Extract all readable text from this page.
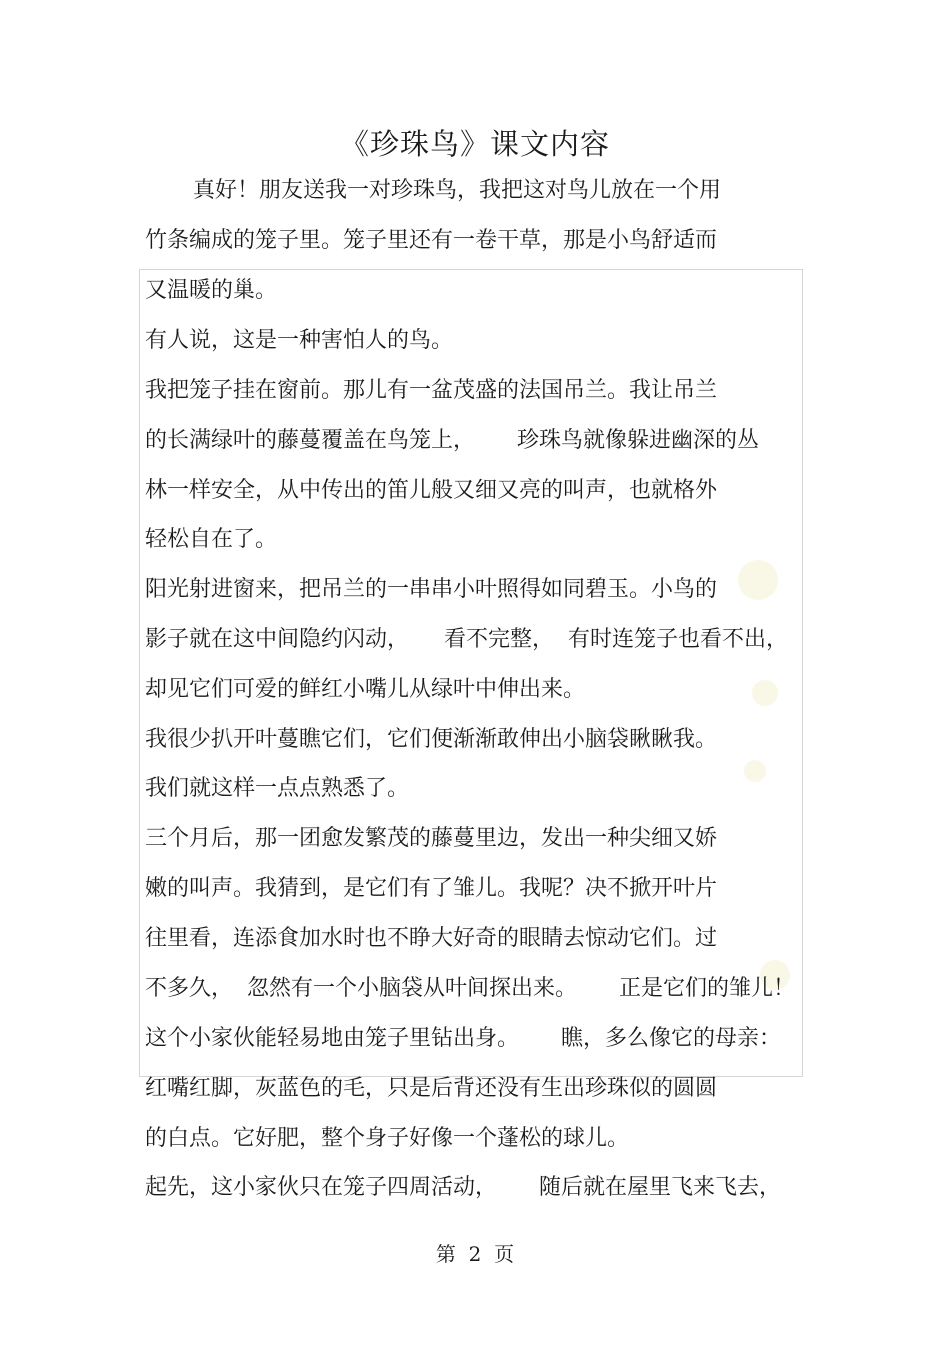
《珍珠鸟》课文内容
真好！朋友送我一对珍珠鸟，我把这对鸟儿放在一个用
竹条编成的笼子里。笼子里还有一卷干草，那是小鸟舒适而
又温暖的巢。
有人说，这是一种害怕人的鸟。
我把笼子挂在窗前。那儿有一盆茂盛的法国吊兰。我让吊兰
的长满绿叶的藤蔓覆盖在鸟笼上，      珍珠鸟就像躲进幽深的丛
林一样安全，从中传出的笛儿般又细又亮的叫声，也就格外
轻松自在了。
阳光射进窗来，把吊兰的一串串小叶照得如同碧玉。小鸟的
影子就在这中间隐约闪动，     看不完整，  有时连笼子也看不出，
却见它们可爱的鲜红小嘴儿从绿叶中伸出来。
我很少扒开叶蔓瞧它们，它们便渐渐敢伸出小脑袋瞅瞅我。
我们就这样一点点熟悉了。
三个月后，那一团愈发繁茂的藤蔓里边，发出一种尖细又娇
嫩的叫声。我猜到，是它们有了雏儿。我呢？决不掀开叶片
往里看，连添食加水时也不睁大好奇的眼睛去惊动它们。过
不多久，  忽然有一个小脑袋从叶间探出来。      正是它们的雏儿！
这个小家伙能轻易地由笼子里钻出身。      瞧，多么像它的母亲：
红嘴红脚，灰蓝色的毛，只是后背还没有生出珍珠似的圆圆
的白点。它好肥，整个身子好像一个蓬松的球儿。
起先，这小家伙只在笼子四周活动，      随后就在屋里飞来飞去，
第  2  页
